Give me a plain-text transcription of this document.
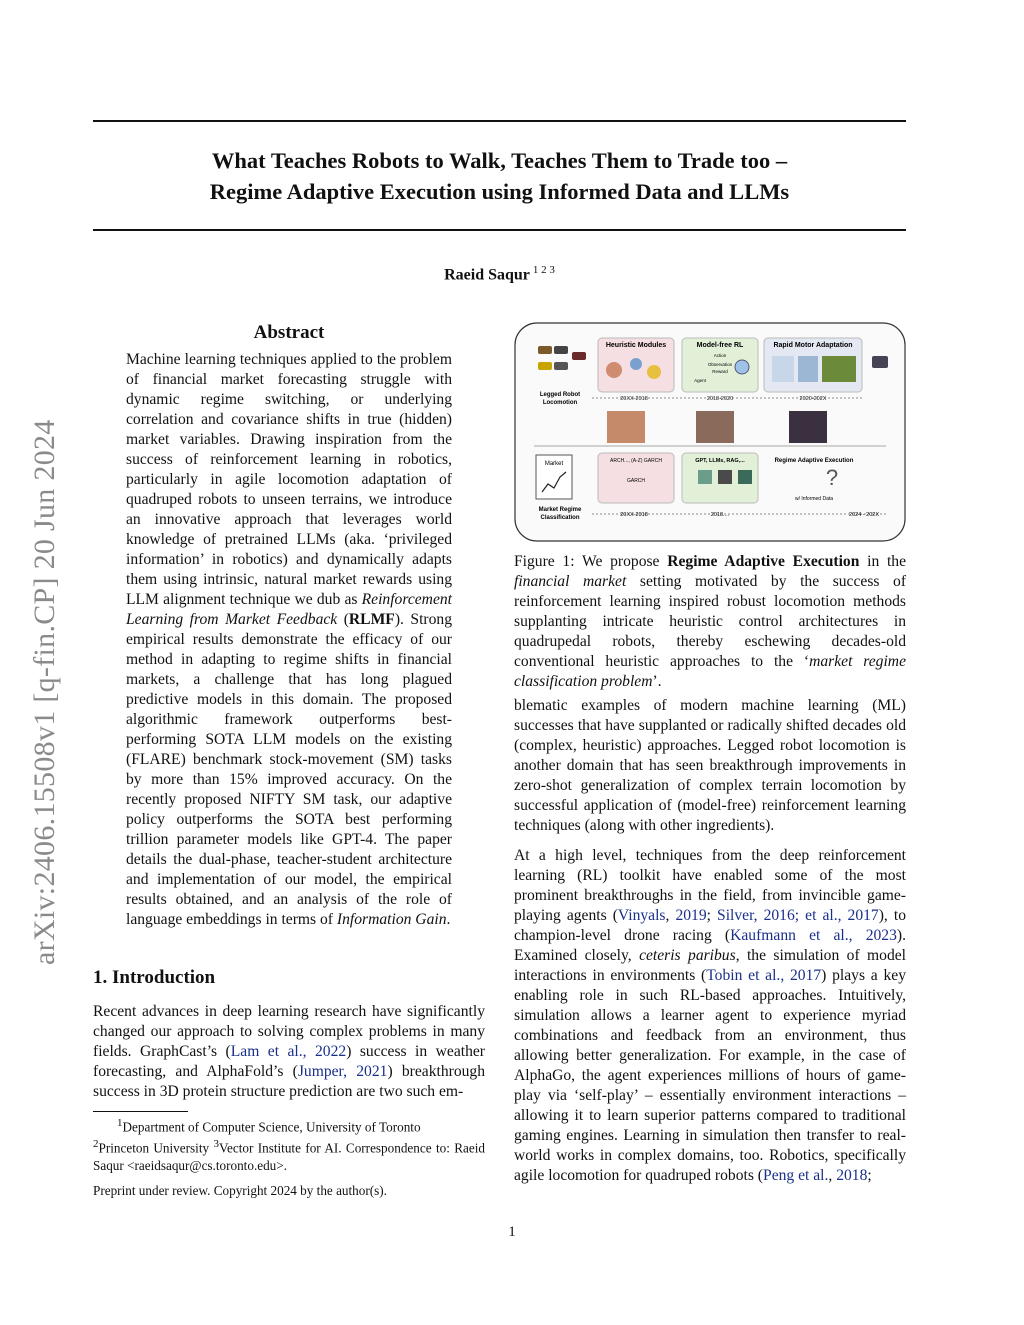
What Teaches Robots to Walk, Teaches Them to Trade too –
Regime Adaptive Execution using Informed Data and LLMs
Raeid Saqur $^{1 2 3}$
arXiv:2406.15508v1 [q-fin.CP] 20 Jun 2024
Abstract
Machine learning techniques applied to the problem of financial market forecasting struggle with dynamic regime switching, or underlying correlation and covariance shifts in true (hidden) market variables. Drawing inspiration from the success of reinforcement learning in robotics, particularly in agile locomotion adaptation of quadruped robots to unseen terrains, we introduce an innovative approach that leverages world knowledge of pretrained LLMs (aka. ‘privileged information’ in robotics) and dynamically adapts them using intrinsic, natural market rewards using LLM alignment technique we dub as Reinforcement Learning from Market Feedback (RLMF). Strong empirical results demonstrate the efficacy of our method in adapting to regime shifts in financial markets, a challenge that has long plagued predictive models in this domain. The proposed algorithmic framework outperforms best-performing SOTA LLM models on the existing (FLARE) benchmark stock-movement (SM) tasks by more than 15% improved accuracy. On the recently proposed NIFTY SM task, our adaptive policy outperforms the SOTA best performing trillion parameter models like GPT-4. The paper details the dual-phase, teacher-student architecture and implementation of our model, the empirical results obtained, and an analysis of the role of language embeddings in terms of Information Gain.
1. Introduction
Recent advances in deep learning research have significantly changed our approach to solving complex problems in many fields. GraphCast’s (Lam et al., 2022) success in weather forecasting, and AlphaFold’s (Jumper, 2021) breakthrough success in 3D protein structure prediction are two such em-

$^1$Department of Computer Science, University of Toronto
$^2$Princeton University $^3$Vector Institute for AI. Correspondence to: Raeid Saqur <raeidsaqur@cs.toronto.edu>.

Preprint under review. Copyright 2024 by the author(s).
Heuristic Modules	Model-free RL
Action
Observation
Reward
Agent
Rapid Motor Adaptation
Legged Robot
Locomotion
20XX-2018	2018-2020	2020-202X
Market	ARCH..., (A-Z) GARCH
GARCH
GPT, LLMs, RAG,...	Regime Adaptive Execution
?
w/ Informed Data
Market Regime
Classification	20XX-2018	2018....	2024 - 202X
Figure 1: We propose Regime Adaptive Execution in the financial market setting motivated by the success of reinforcement learning inspired robust locomotion methods supplanting intricate heuristic control architectures in quadrupedal robots, thereby eschewing decades-old conventional heuristic approaches to the ‘market regime classification problem’.

blematic examples of modern machine learning (ML) successes that have supplanted or radically shifted decades old (complex, heuristic) approaches. Legged robot locomotion is another domain that has seen breakthrough improvements in zero-shot generalization of complex terrain locomotion by successful application of (model-free) reinforcement learning techniques (along with other ingredients).

At a high level, techniques from the deep reinforcement learning (RL) toolkit have enabled some of the most prominent breakthroughs in the field, from invincible game-playing agents (Vinyals, 2019; Silver, 2016; et al., 2017), to champion-level drone racing (Kaufmann et al., 2023). Examined closely, ceteris paribus, the simulation of model interactions in environments (Tobin et al., 2017) plays a key enabling role in such RL-based approaches. Intuitively, simulation allows a learner agent to experience myriad combinations and feedback from an environment, thus allowing better generalization. For example, in the case of AlphaGo, the agent experiences millions of hours of game-play via ‘self-play’ – essentially environment interactions – allowing it to learn superior patterns compared to traditional gaming engines. Learning in simulation then transfer to real-world works in complex domains, too. Robotics, specifically agile locomotion for quadruped robots (Peng et al., 2018;

1
